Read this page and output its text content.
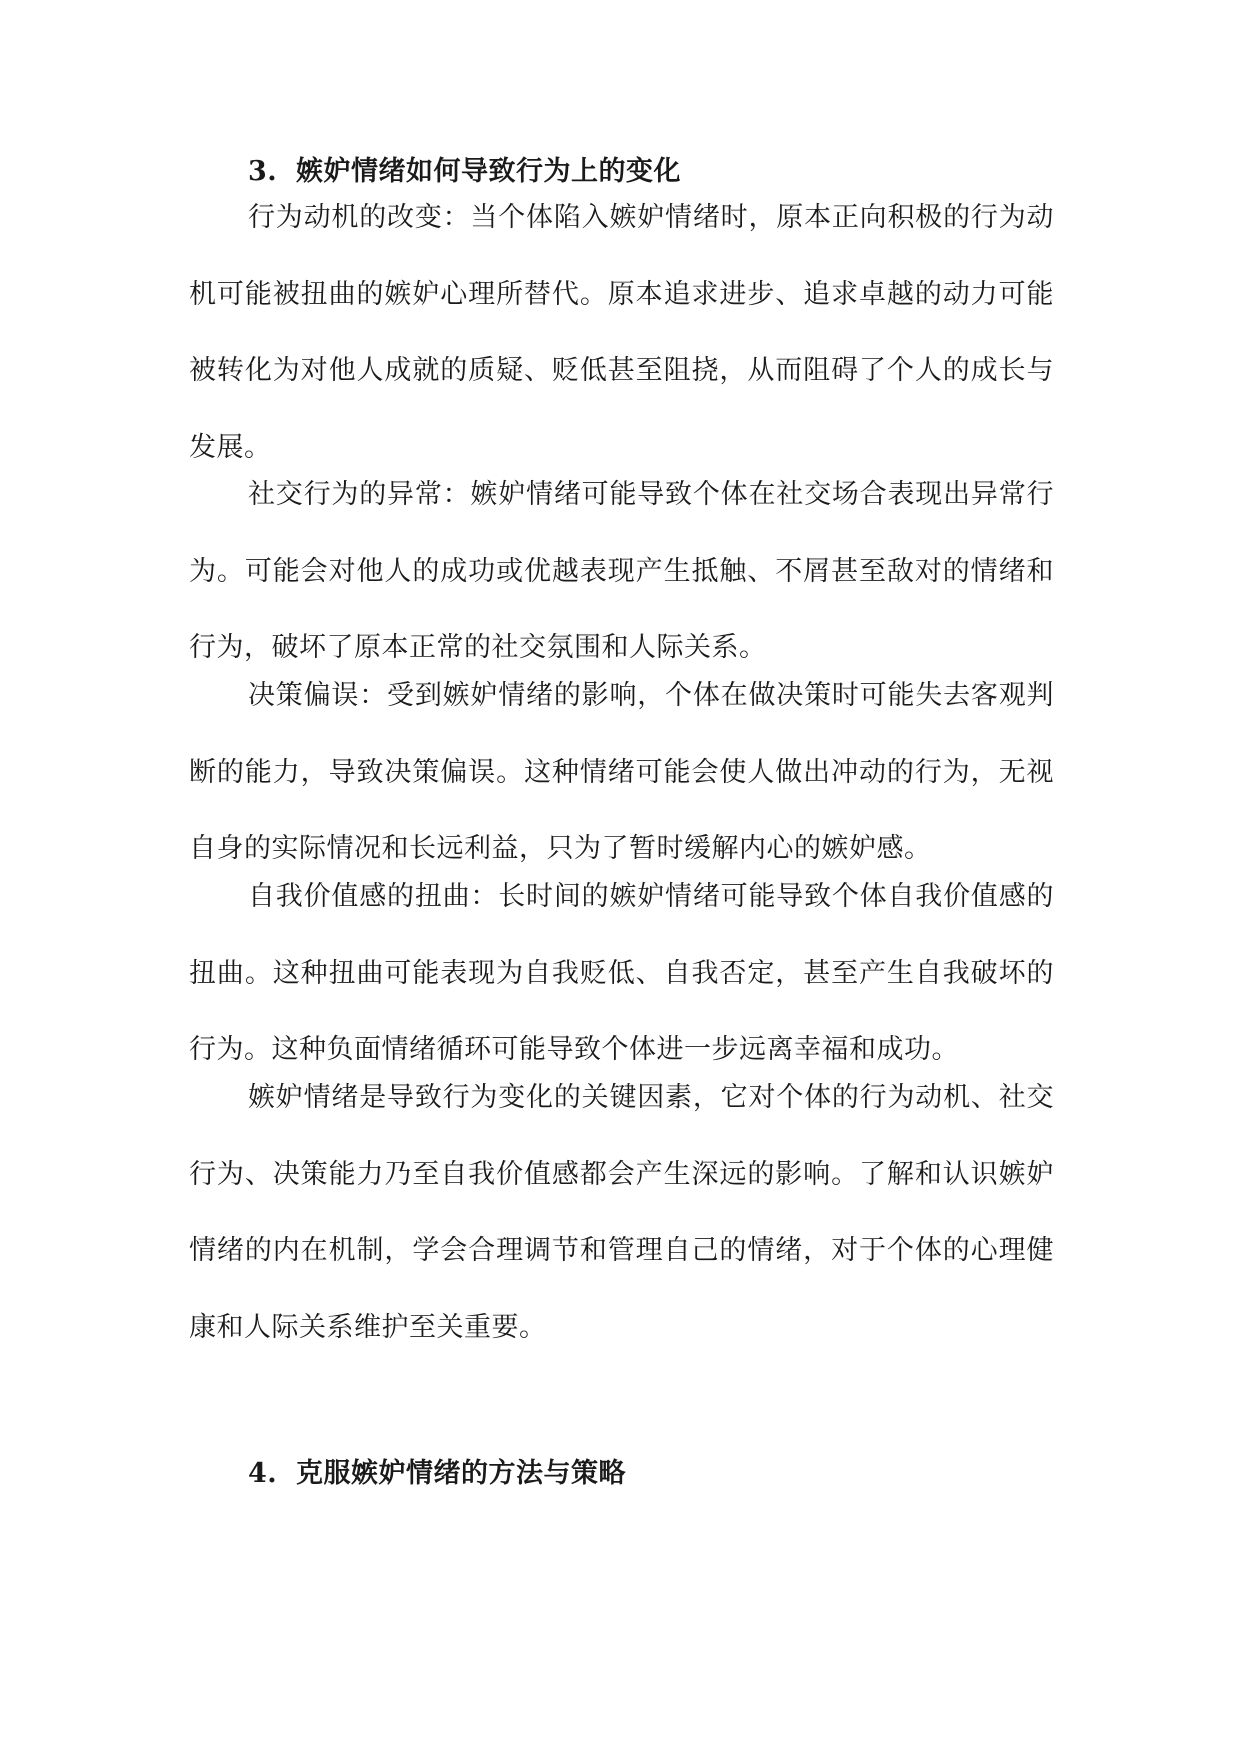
3. 嫉妒情绪如何导致行为上的变化

行为动机的改变：当个体陷入嫉妒情绪时，原本正向积极的行为动机可能被扭曲的嫉妒心理所替代。原本追求进步、追求卓越的动力可能被转化为对他人成就的质疑、贬低甚至阻挠，从而阻碍了个人的成长与发展。

社交行为的异常：嫉妒情绪可能导致个体在社交场合表现出异常行为。可能会对他人的成功或优越表现产生抵触、不屑甚至敌对的情绪和行为，破坏了原本正常的社交氛围和人际关系。

决策偏误：受到嫉妒情绪的影响，个体在做决策时可能失去客观判断的能力，导致决策偏误。这种情绪可能会使人做出冲动的行为，无视自身的实际情况和长远利益，只为了暂时缓解内心的嫉妒感。

自我价值感的扭曲：长时间的嫉妒情绪可能导致个体自我价值感的扭曲。这种扭曲可能表现为自我贬低、自我否定，甚至产生自我破坏的行为。这种负面情绪循环可能导致个体进一步远离幸福和成功。

嫉妒情绪是导致行为变化的关键因素，它对个体的行为动机、社交行为、决策能力乃至自我价值感都会产生深远的影响。了解和认识嫉妒情绪的内在机制，学会合理调节和管理自己的情绪，对于个体的心理健康和人际关系维护至关重要。

4. 克服嫉妒情绪的方法与策略
